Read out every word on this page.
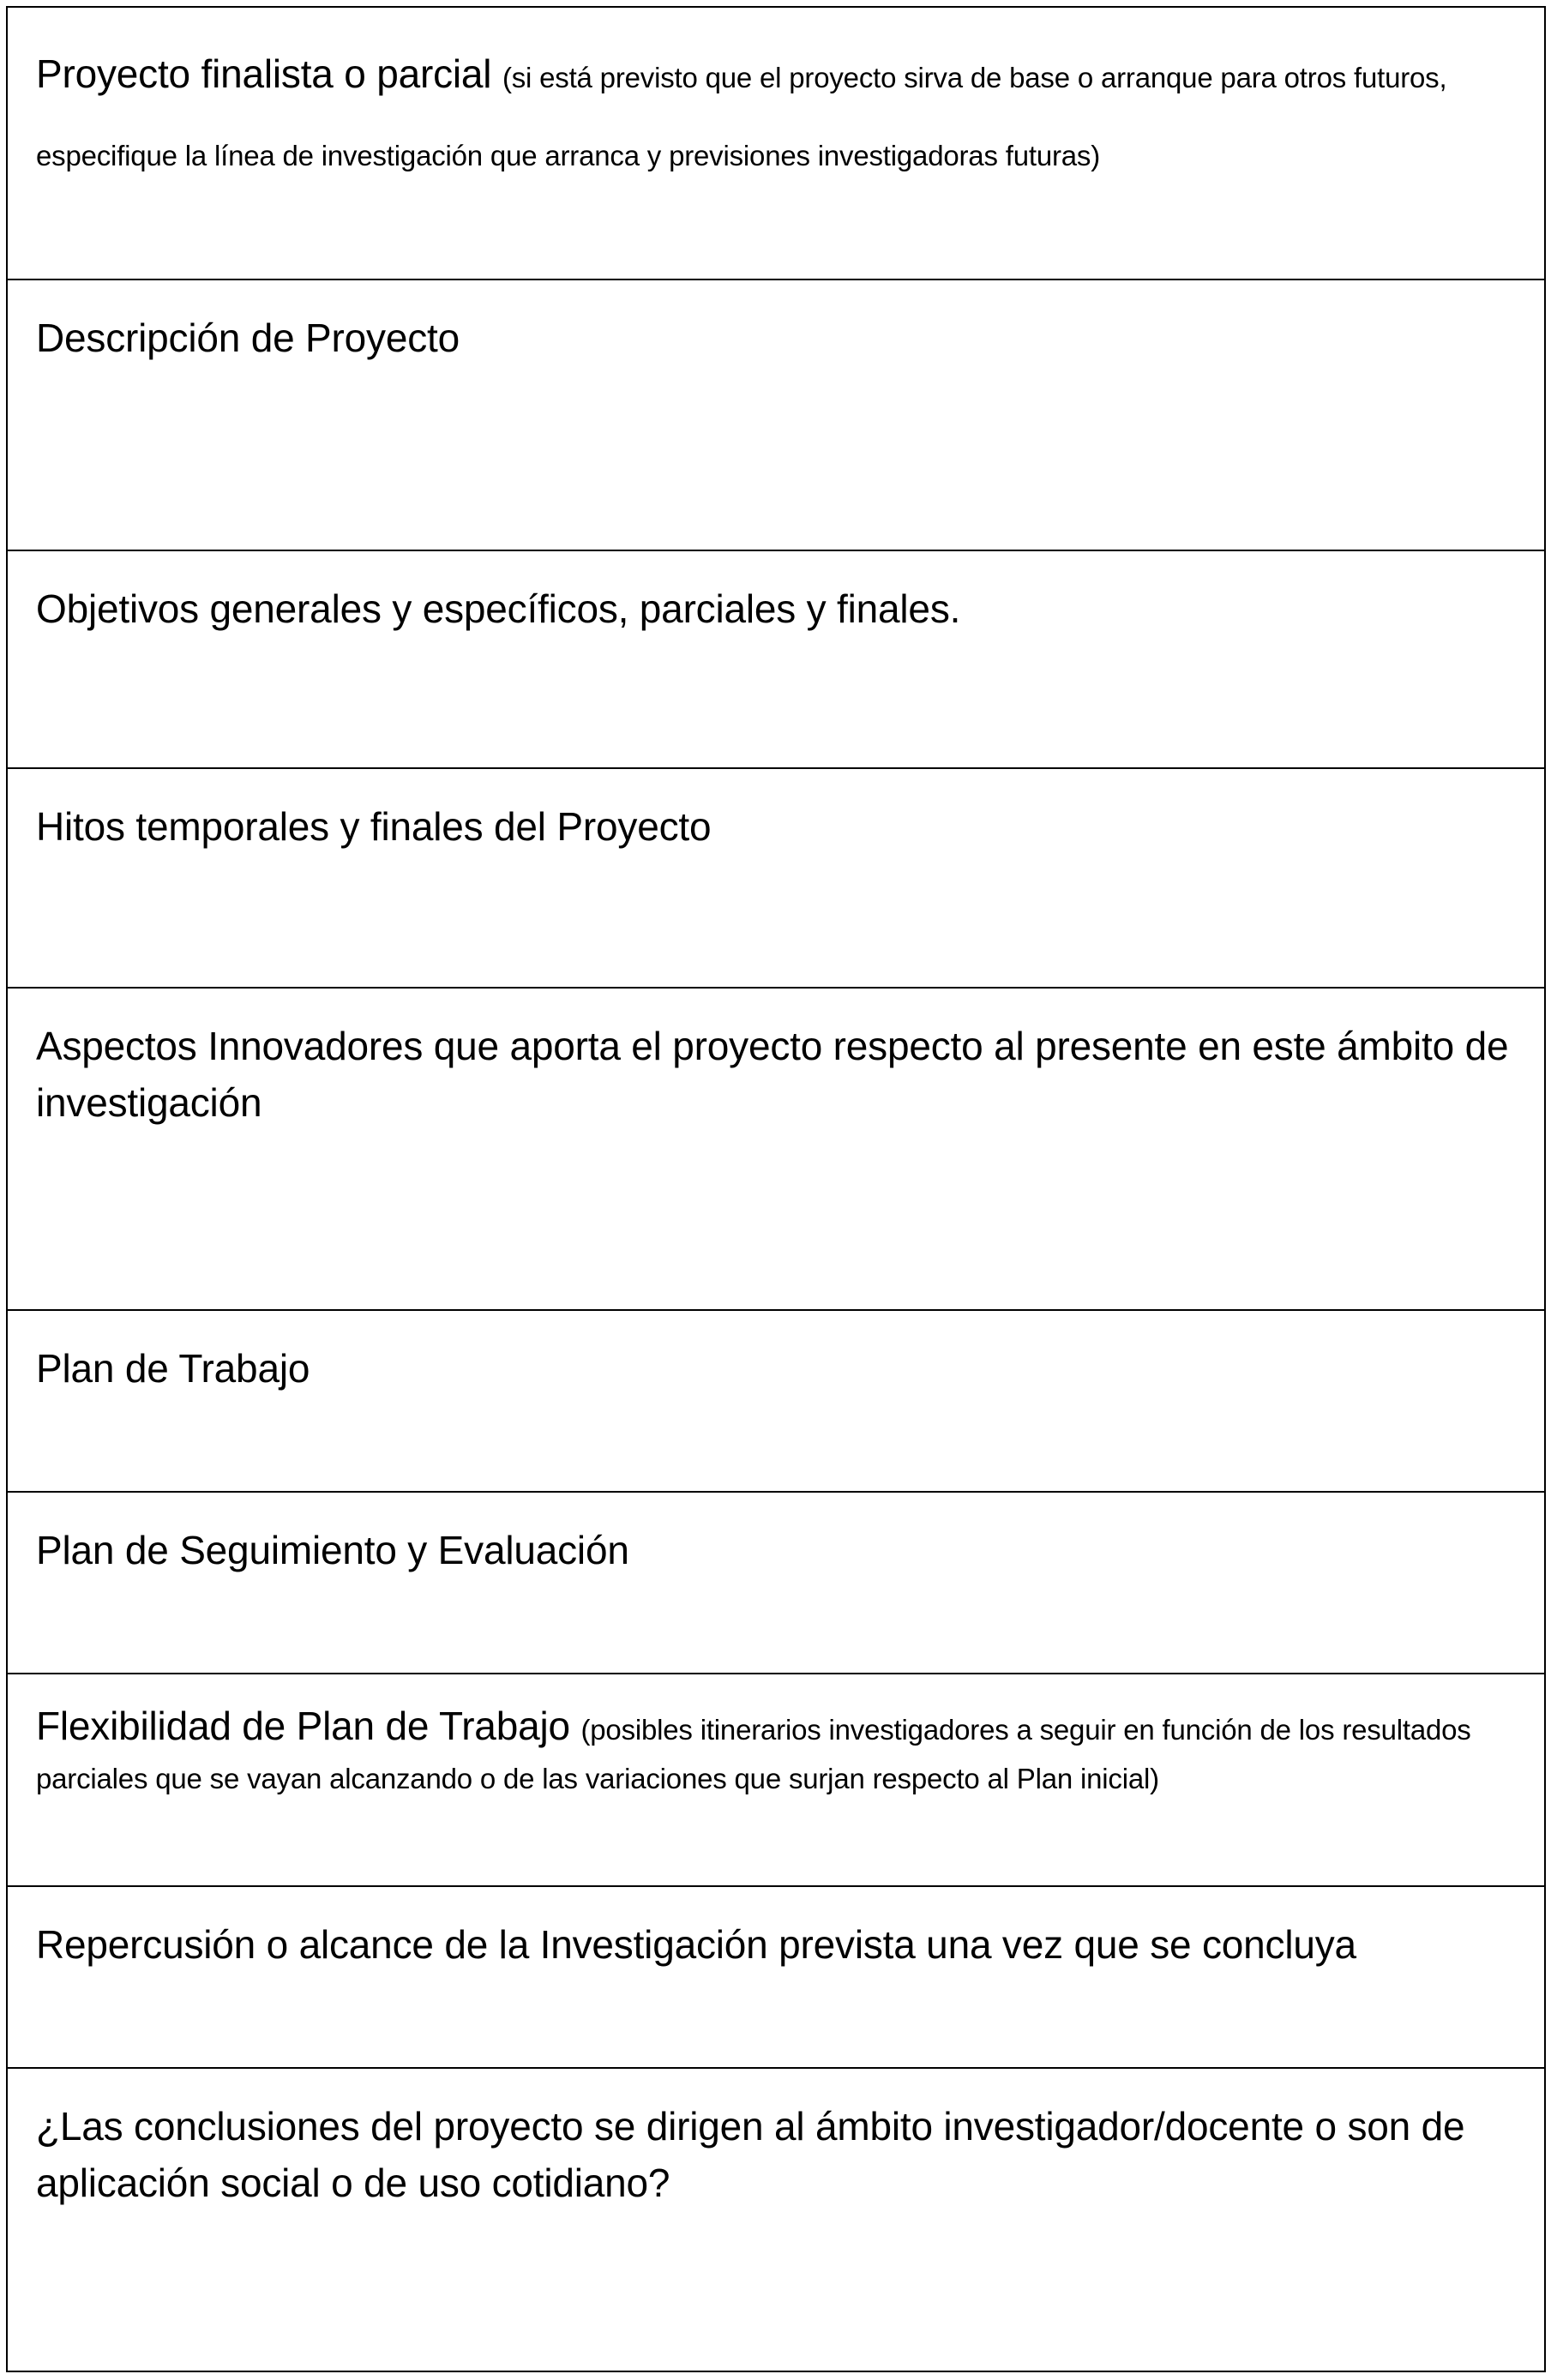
Proyecto finalista o parcial (si está previsto que el proyecto sirva de base o arranque para otros futuros, especifique la línea de investigación que arranca y previsiones investigadoras futuras)
Descripción de Proyecto
Objetivos generales y específicos, parciales y finales.
Hitos temporales y finales del Proyecto
Aspectos Innovadores que aporta el proyecto respecto al presente en este ámbito de investigación
Plan de Trabajo
Plan de Seguimiento y Evaluación
Flexibilidad de Plan de Trabajo (posibles itinerarios investigadores a seguir en función de los resultados parciales que se vayan alcanzando o de las variaciones que surjan respecto al Plan inicial)
Repercusión o alcance de la Investigación prevista una vez que se concluya
¿Las conclusiones del proyecto se dirigen al ámbito investigador/docente o son de aplicación social o de uso cotidiano?
